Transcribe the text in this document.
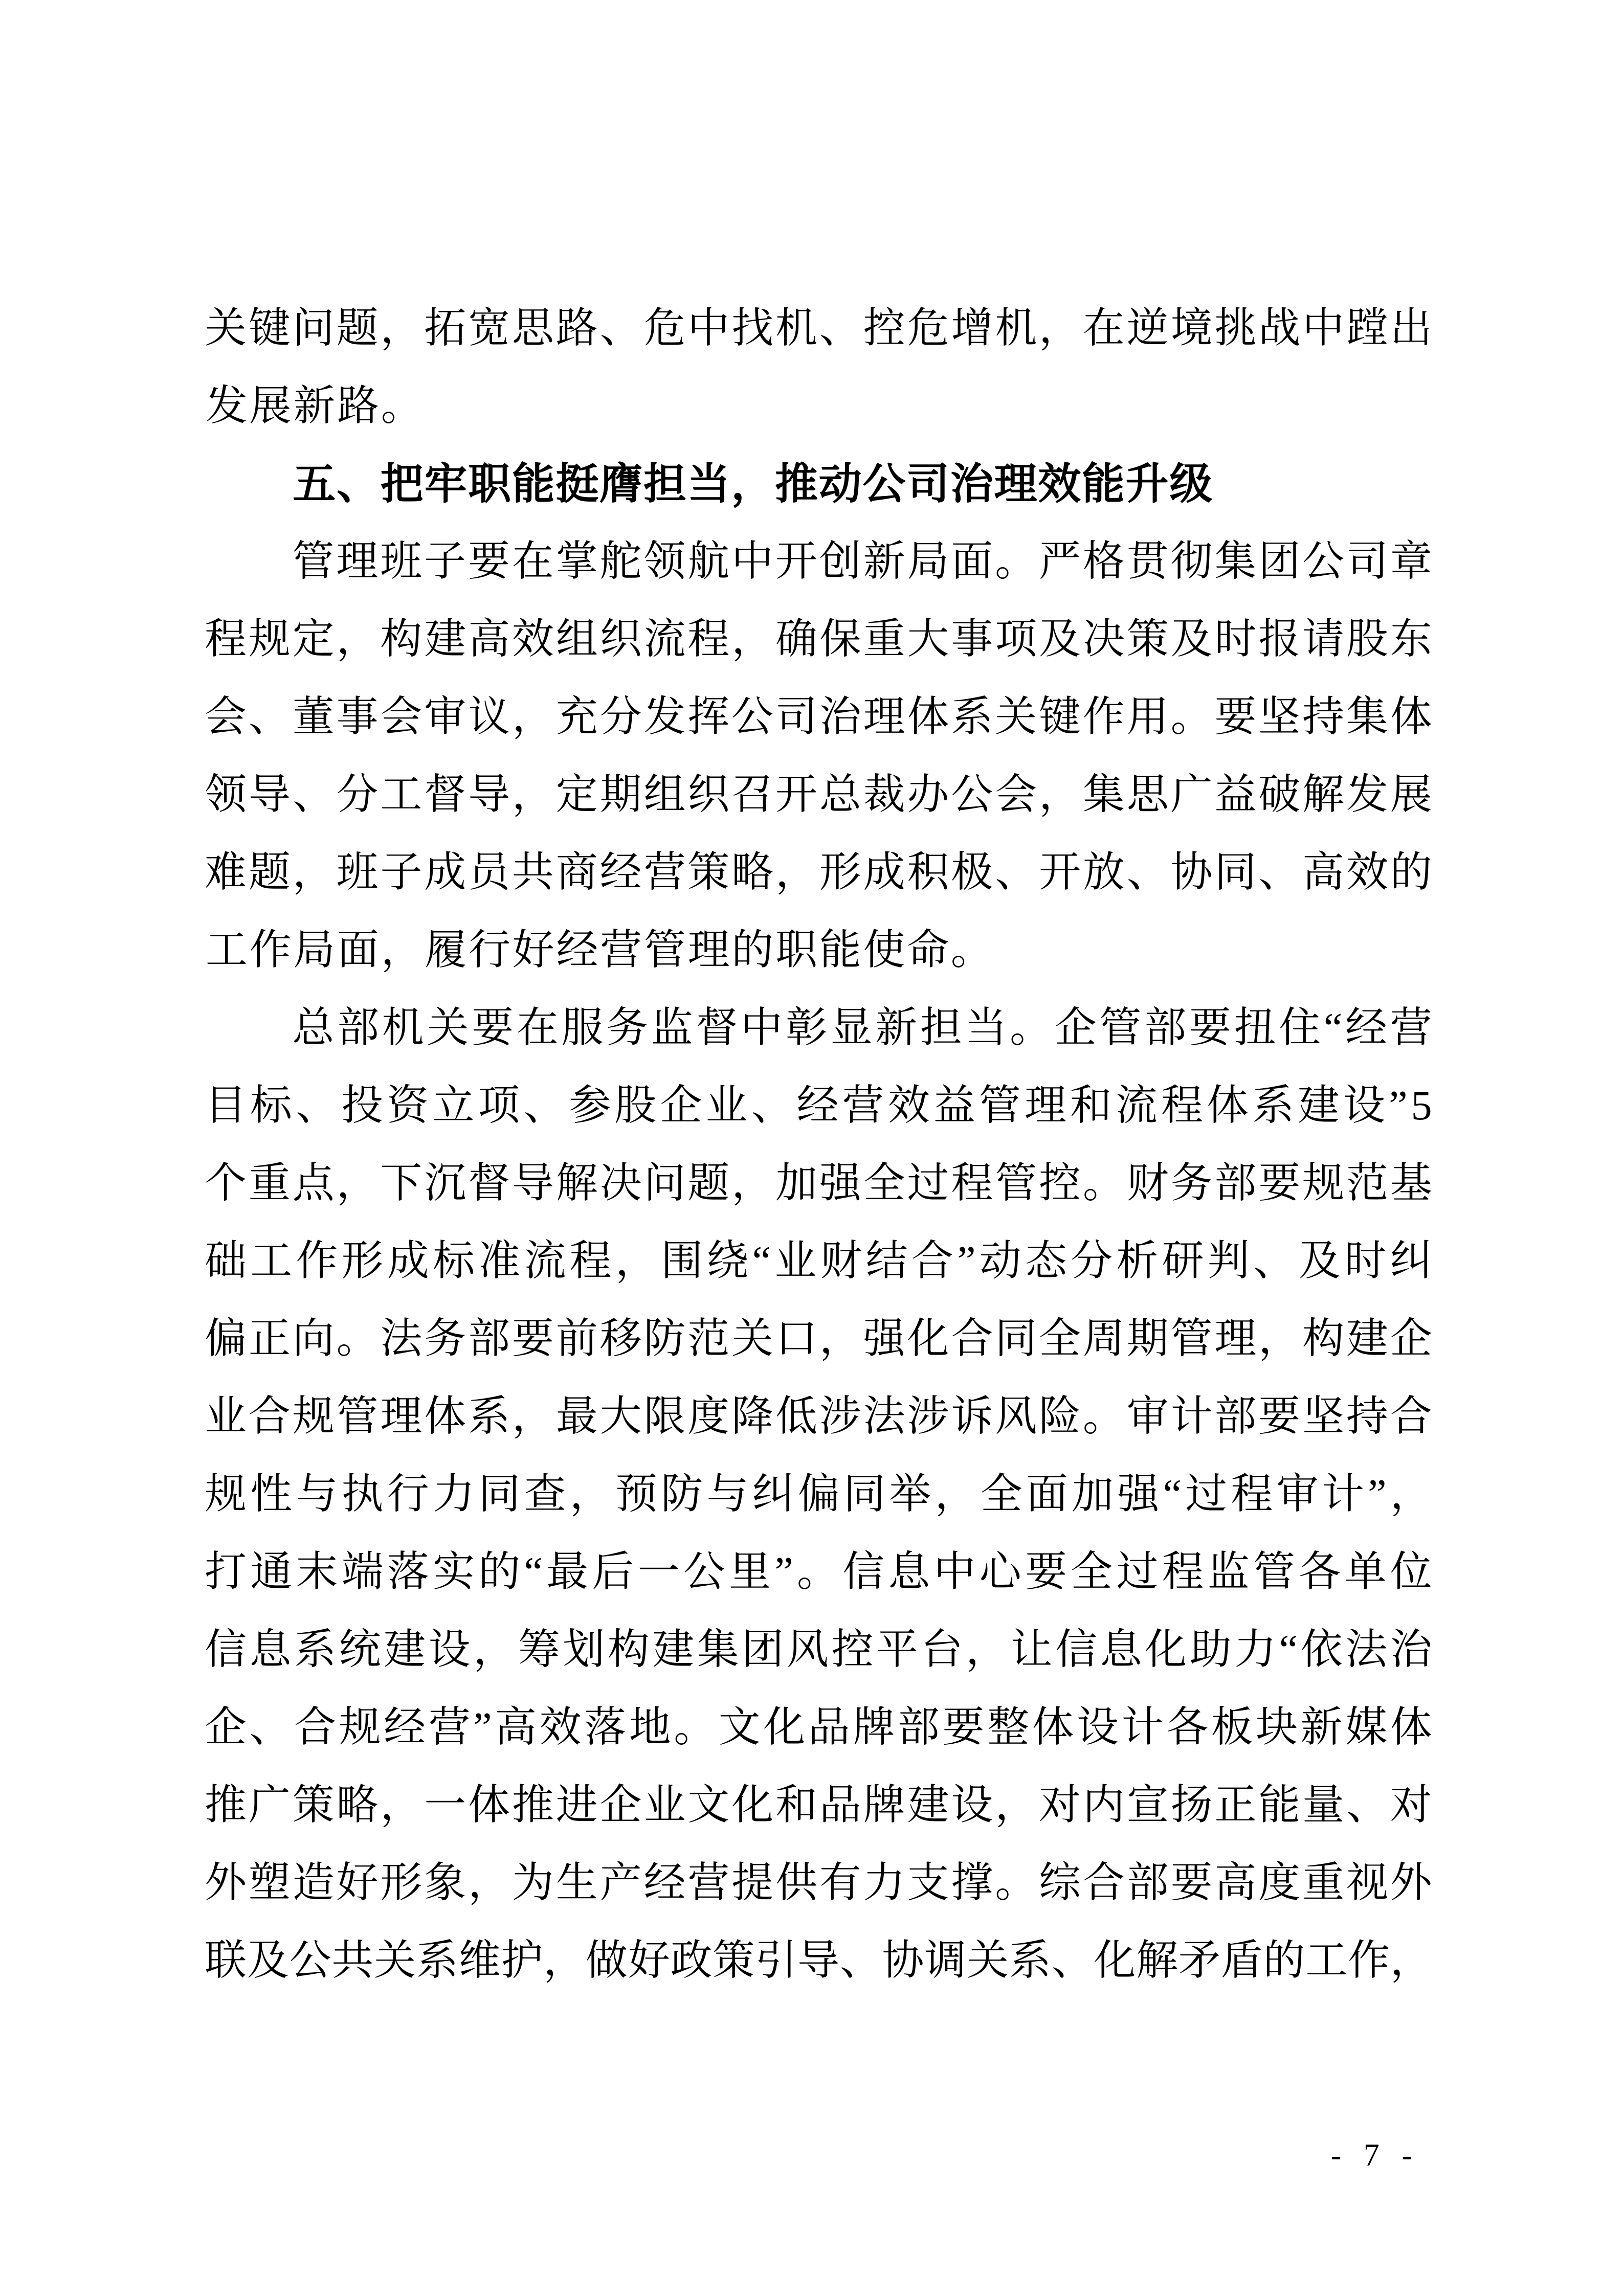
关 键 问 题 ， 拓 宽 思 路 、 危 中 找 机 、 控 危 增 机 ， 在 逆 境 挑 战 中 蹚 出
发 展 新 路 。
五 、 把 牢 职 能 挺 膺 担 当 ， 推 动 公 司 治 理 效 能 升 级
管 理 班 子 要 在 掌 舵 领 航 中 开 创 新 局 面 。 严 格 贯 彻 集 团 公 司 章
程 规 定 ， 构 建 高 效 组 织 流 程 ， 确 保 重 大 事 项 及 决 策 及 时 报 请 股 东
会 、 董 事 会 审 议 ， 充 分 发 挥 公 司 治 理 体 系 关 键 作 用 。 要 坚 持 集 体
领 导 、 分 工 督 导 ， 定 期 组 织 召 开 总 裁 办 公 会 ， 集 思 广 益 破 解 发 展
难 题 ， 班 子 成 员 共 商 经 营 策 略 ， 形 成 积 极 、 开 放 、 协 同 、 高 效 的
工 作 局 面 ， 履 行 好 经 营 管 理 的 职 能 使 命 。
总 部 机 关 要 在 服 务 监 督 中 彰 显 新 担 当 。 企 管 部 要 扭 住 “ 经 营
目 标 、 投 资 立 项 、 参 股 企 业 、 经 营 效 益 管 理 和 流 程 体 系 建 设 ” 5
个 重 点 ， 下 沉 督 导 解 决 问 题 ， 加 强 全 过 程 管 控 。 财 务 部 要 规 范 基
础 工 作 形 成 标 准 流 程 ， 围 绕 “ 业 财 结 合 ” 动 态 分 析 研 判 、 及 时 纠
偏 正 向 。 法 务 部 要 前 移 防 范 关 口 ， 强 化 合 同 全 周 期 管 理 ， 构 建 企
业 合 规 管 理 体 系 ， 最 大 限 度 降 低 涉 法 涉 诉 风 险 。 审 计 部 要 坚 持 合
规 性 与 执 行 力 同 查 ， 预 防 与 纠 偏 同 举 ， 全 面 加 强 “ 过 程 审 计 ” ，
打 通 末 端 落 实 的 “ 最 后 一 公 里 ” 。 信 息 中 心 要 全 过 程 监 管 各 单 位
信 息 系 统 建 设 ， 筹 划 构 建 集 团 风 控 平 台 ， 让 信 息 化 助 力 “ 依 法 治
企 、 合 规 经 营 ” 高 效 落 地 。 文 化 品 牌 部 要 整 体 设 计 各 板 块 新 媒 体
推 广 策 略 ， 一 体 推 进 企 业 文 化 和 品 牌 建 设 ， 对 内 宣 扬 正 能 量 、 对
外 塑 造 好 形 象 ， 为 生 产 经 营 提 供 有 力 支 撑 。 综 合 部 要 高 度 重 视 外
联 及 公 共 关 系 维 护 ， 做 好 政 策 引 导 、 协 调 关 系 、 化 解 矛 盾 的 工 作 ，
- 7 -
